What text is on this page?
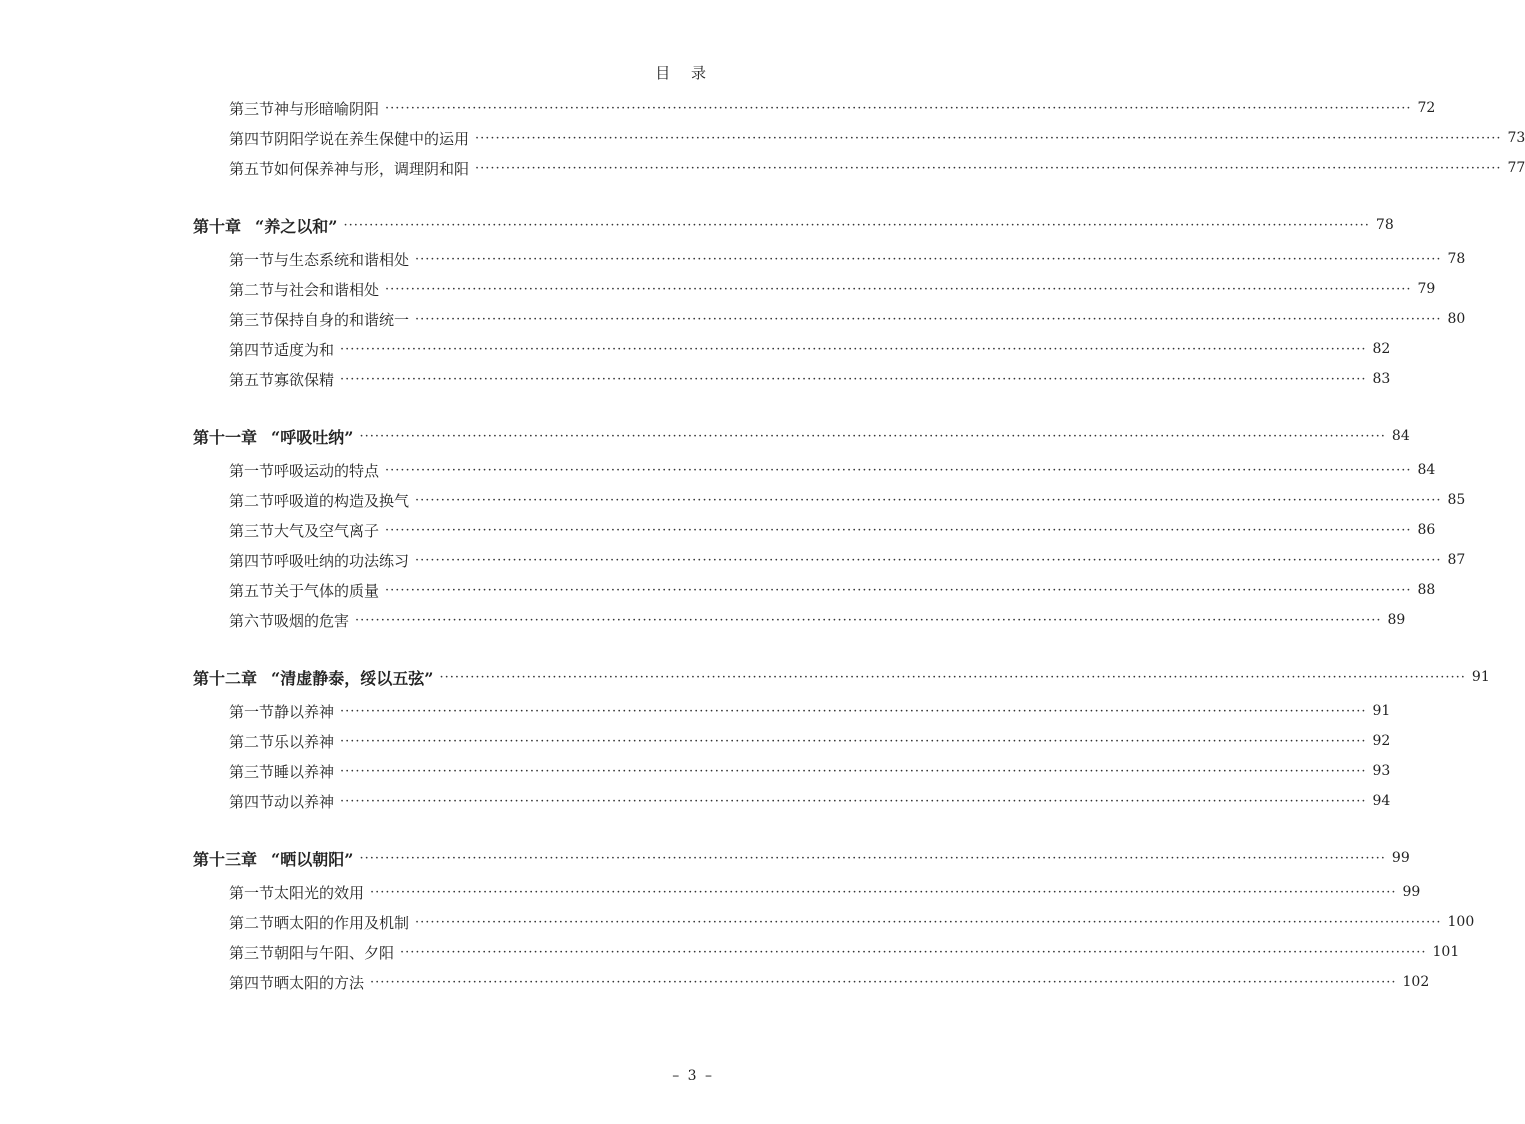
目 录
第三节 神与形暗喻阴阳 ········································································································································································································ 72
第四节 阴阳学说在养生保健中的运用 ········································································································································································································ 73
第五节 如何保养神与形，调理阴和阳 ········································································································································································································ 77
第十章 “养之以和” ········································································································································································································ 78
第一节 与生态系统和谐相处 ········································································································································································································ 78
第二节 与社会和谐相处 ········································································································································································································ 79
第三节 保持自身的和谐统一 ········································································································································································································ 80
第四节 适度为和 ········································································································································································································ 82
第五节 寡欲保精 ········································································································································································································ 83
第十一章 “呼吸吐纳” ········································································································································································································ 84
第一节 呼吸运动的特点 ········································································································································································································ 84
第二节 呼吸道的构造及换气 ········································································································································································································ 85
第三节 大气及空气离子 ········································································································································································································ 86
第四节 呼吸吐纳的功法练习 ········································································································································································································ 87
第五节 关于气体的质量 ········································································································································································································ 88
第六节 吸烟的危害 ········································································································································································································ 89
第十二章 “清虚静泰，绥以五弦” ········································································································································································································ 91
第一节 静以养神 ········································································································································································································ 91
第二节 乐以养神 ········································································································································································································ 92
第三节 睡以养神 ········································································································································································································ 93
第四节 动以养神 ········································································································································································································ 94
第十三章 “晒以朝阳” ········································································································································································································ 99
第一节 太阳光的效用 ········································································································································································································ 99
第二节 晒太阳的作用及机制 ········································································································································································································ 100
第三节 朝阳与午阳、夕阳 ········································································································································································································ 101
第四节 晒太阳的方法 ········································································································································································································ 102
– 3 –
